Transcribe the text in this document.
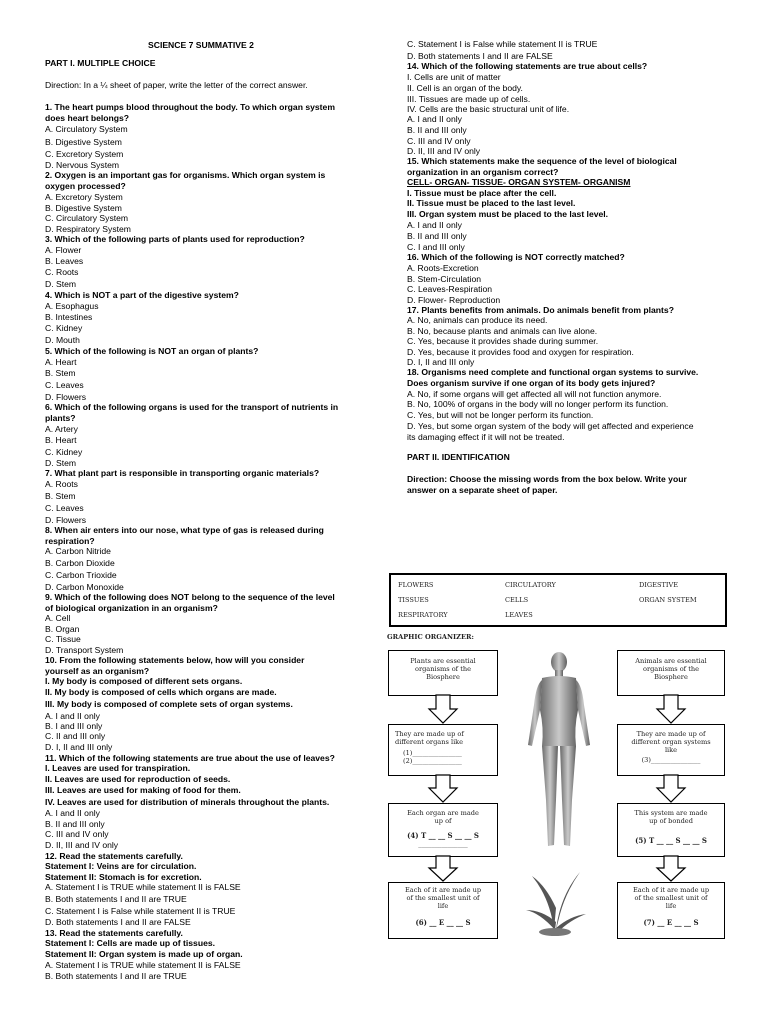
SCIENCE 7 SUMMATIVE 2
PART I. MULTIPLE CHOICE
Direction: In a ¼ sheet of paper, write the letter of the correct answer.
1. The heart pumps blood throughout the body. To which organ system
does heart belongs?
A. Circulatory System
B. Digestive System
C. Excretory System
D. Nervous System
2. Oxygen is an important gas for organisms. Which organ system is
oxygen processed?
A. Excretory System
B. Digestive System
C. Circulatory System
D. Respiratory System
3. Which of the following parts of plants used for reproduction?
A. Flower
B. Leaves
C. Roots
D. Stem
4. Which is NOT a part of the digestive system?
A. Esophagus
B. Intestines
C. Kidney
D. Mouth
5. Which of the following is NOT an organ of plants?
A. Heart
B. Stem
C. Leaves
D. Flowers
6. Which of the following organs is used for the transport of nutrients in
plants?
A. Artery
B. Heart
C. Kidney
D. Stem
7. What plant part is responsible in transporting organic materials?
A. Roots
B. Stem
C. Leaves
D. Flowers
8. When air enters into our nose, what type of gas is released during
respiration?
A. Carbon Nitride
B. Carbon Dioxide
C. Carbon Trioxide
D. Carbon Monoxide
9. Which of the following does NOT belong to the sequence of the level
of biological organization in an organism?
A. Cell
B. Organ
C. Tissue
D. Transport System
10. From the following statements below, how will you consider
yourself as an organism?
I. My body is composed of different sets organs.
II. My body is composed of cells which organs are made.
III. My body is composed of complete sets of organ systems.
A. I and II only
B. I and III only
C. II and III only
D. I, II and III only
11. Which of the following statements are true about the use of leaves?
I. Leaves are used for transpiration.
II. Leaves are used for reproduction of seeds.
III. Leaves are used for making of food for them.
IV. Leaves are used for distribution of minerals throughout the plants.
A. I and II only
B. II and III only
C. III and IV only
D. II, III and IV only
12. Read the statements carefully.
Statement I: Veins are for circulation.
Statement II: Stomach is for excretion.
A. Statement I is TRUE while statement II is FALSE
B. Both statements I and II are TRUE
C. Statement I is False while statement II is TRUE
D. Both statements I and II are FALSE
13. Read the statements carefully.
Statement I: Cells are made up of tissues.
Statement II: Organ system is made up of organ.
A. Statement I is TRUE while statement II is FALSE
B. Both statements I and II are TRUE
C. Statement I is False while statement II is TRUE
D. Both statements I and II are FALSE
14. Which of the following statements are true about cells?
I. Cells are unit of matter
II. Cell is an organ of the body.
III. Tissues are made up of cells.
IV. Cells are the basic structural unit of life.
A. I and II only
B. II and III only
C. III and IV only
D. II, III and IV only
15. Which statements make the sequence of the level of biological
organization in an organism correct?
CELL- ORGAN- TISSUE- ORGAN SYSTEM- ORGANISM
I. Tissue must be place after the cell.
II. Tissue must be placed to the last level.
III. Organ system must be placed to the last level.
A. I and II only
B. II and III only
C. I and III only
16. Which of the following is NOT correctly matched?
A. Roots-Excretion
B. Stem-Circulation
C. Leaves-Respiration
D. Flower- Reproduction
17. Plants benefits from animals. Do animals benefit from plants?
A. No, animals can produce its need.
B. No, because plants and animals can live alone.
C. Yes, because it provides shade during summer.
D. Yes, because it provides food and oxygen for respiration.
D. I, II and III only
18. Organisms need complete and functional organ systems to survive.
Does organism survive if one organ of its body gets injured?
A. No, if some organs will get affected all will not function anymore.
B. No, 100% of organs in the body will no longer perform its function.
C. Yes, but will not be longer perform its function.
D. Yes, but some organ system of the body will get affected and experience
its damaging effect if it will not be treated.
PART II. IDENTIFICATION
Direction: Choose the missing words from the box below. Write your
answer on a separate sheet of paper.
FLOWERS	CIRCULATORY	DIGESTIVE
TISSUES	CELLS	ORGAN SYSTEM
RESPIRATORY	LEAVES
GRAPHIC ORGANIZER:
Plants are essential
organisms of the
Biosphere
They are made up of
different organs like
(1)_______________
(2)_______________
Each organ are made
up of
(4) T __ __ S __ __ S
_______________
Each of it are made up
of the smallest unit of
life
(6) __ E __ __ S
Animals are essential
organisms of the
Biosphere
They are made up of
different organ systems
like
(3)_______________
This system are made
up of bonded
(5) T __ __ S __ __ S
Each of it are made up
of the smallest unit of
life
(7) __ E __ __ S
